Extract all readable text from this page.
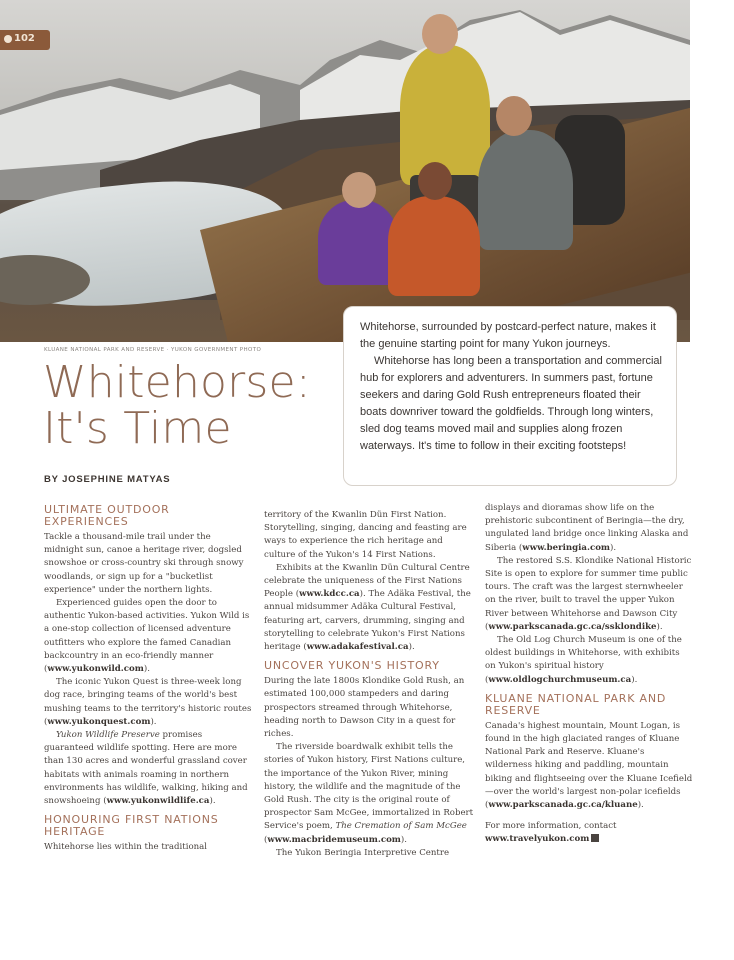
102
KLUANE NATIONAL PARK AND RESERVE · YUKON GOVERNMENT PHOTO

Whitehorse, surrounded by postcard-perfect nature, makes it the genuine starting point for many Yukon journeys.

Whitehorse has long been a transportation and commercial hub for explorers and adventurers. In summers past, fortune seekers and daring Gold Rush entrepreneurs floated their boats downriver toward the goldfields. Through long winters, sled dog teams moved mail and supplies along frozen waterways. It's time to follow in their exciting footsteps!

Whitehorse:
It's Time
BY JOSEPHINE MATYAS
ULTIMATE OUTDOOR EXPERIENCES

Tackle a thousand-mile trail under the midnight sun, canoe a heritage river, dogsled snowshoe or cross-country ski through snowy woodlands, or sign up for a "bucketlist experience" under the northern lights.

Experienced guides open the door to authentic Yukon-based activities. Yukon Wild is a one-stop collection of licensed adventure outfitters who explore the famed Canadian backcountry in an eco-friendly manner (www.yukonwild.com).

The iconic Yukon Quest is three-week long dog race, bringing teams of the world's best mushing teams to the territory's historic routes (www.yukonquest.com).

Yukon Wildlife Preserve promises guaranteed wildlife spotting. Here are more than 130 acres and wonderful grassland cover habitats with animals roaming in northern environments has wildlife, walking, hiking and snowshoeing (www.yukonwildlife.ca).

HONOURING FIRST NATIONS HERITAGE

Whitehorse lies within the traditional

territory of the Kwanlin Dün First Nation. Storytelling, singing, dancing and feasting are ways to experience the rich heritage and culture of the Yukon's 14 First Nations.

Exhibits at the Kwanlin Dün Cultural Centre celebrate the uniqueness of the First Nations People (www.kdcc.ca). The Adäka Festival, the annual midsummer Adäka Cultural Festival, featuring art, carvers, drumming, singing and storytelling to celebrate Yukon's First Nations heritage (www.adakafestival.ca).

UNCOVER YUKON'S HISTORY

During the late 1800s Klondike Gold Rush, an estimated 100,000 stampeders and daring prospectors streamed through Whitehorse, heading north to Dawson City in a quest for riches.

The riverside boardwalk exhibit tells the stories of Yukon history, First Nations culture, the importance of the Yukon River, mining history, the wildlife and the magnitude of the Gold Rush. The city is the original route of prospector Sam McGee, immortalized in Robert Service's poem, The Cremation of Sam McGee (www.macbridemuseum.com).

The Yukon Beringia Interpretive Centre

displays and dioramas show life on the prehistoric subcontinent of Beringia—the dry, ungulated land bridge once linking Alaska and Siberia (www.beringia.com).

The restored S.S. Klondike National Historic Site is open to explore for summer time public tours. The craft was the largest sternwheeler on the river, built to travel the upper Yukon River between Whitehorse and Dawson City (www.parkscanada.gc.ca/ssklondike).

The Old Log Church Museum is one of the oldest buildings in Whitehorse, with exhibits on Yukon's spiritual history (www.oldlogchurchmuseum.ca).

KLUANE NATIONAL PARK AND RESERVE

Canada's highest mountain, Mount Logan, is found in the high glaciated ranges of Kluane National Park and Reserve. Kluane's wilderness hiking and paddling, mountain biking and flightseeing over the Kluane Icefield—over the world's largest non-polar icefields (www.parkscanada.gc.ca/kluane).

For more information, contact

www.travelyukon.com
